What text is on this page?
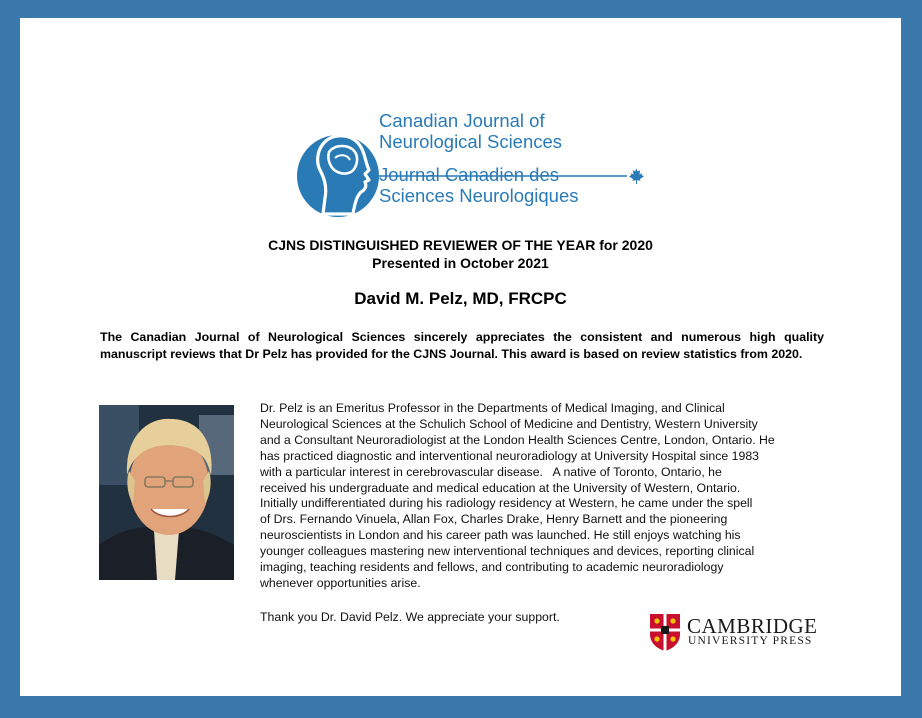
Canadian Journal of
Neurological Sciences
Journal Canadien des
Sciences Neurologiques
CJNS DISTINGUISHED REVIEWER OF THE YEAR for 2020
Presented in October 2021
David M. Pelz, MD, FRCPC
The Canadian Journal of Neurological Sciences sincerely appreciates the consistent and numerous high quality manuscript reviews that Dr Pelz has provided for the CJNS Journal. This award is based on review statistics from 2020.
Dr. Pelz is an Emeritus Professor in the Departments of Medical Imaging, and Clinical
Neurological Sciences at the Schulich School of Medicine and Dentistry, Western University
and a Consultant Neuroradiologist at the London Health Sciences Centre, London, Ontario. He
has practiced diagnostic and interventional neuroradiology at University Hospital since 1983
with a particular interest in cerebrovascular disease.   A native of Toronto, Ontario, he
received his undergraduate and medical education at the University of Western, Ontario.
Initially undifferentiated during his radiology residency at Western, he came under the spell
of Drs. Fernando Vinuela, Allan Fox, Charles Drake, Henry Barnett and the pioneering
neuroscientists in London and his career path was launched. He still enjoys watching his
younger colleagues mastering new interventional techniques and devices, reporting clinical
imaging, teaching residents and fellows, and contributing to academic neuroradiology
whenever opportunities arise.
Thank you Dr. David Pelz. We appreciate your support.	CAMBRIDGE
UNIVERSITY PRESS
